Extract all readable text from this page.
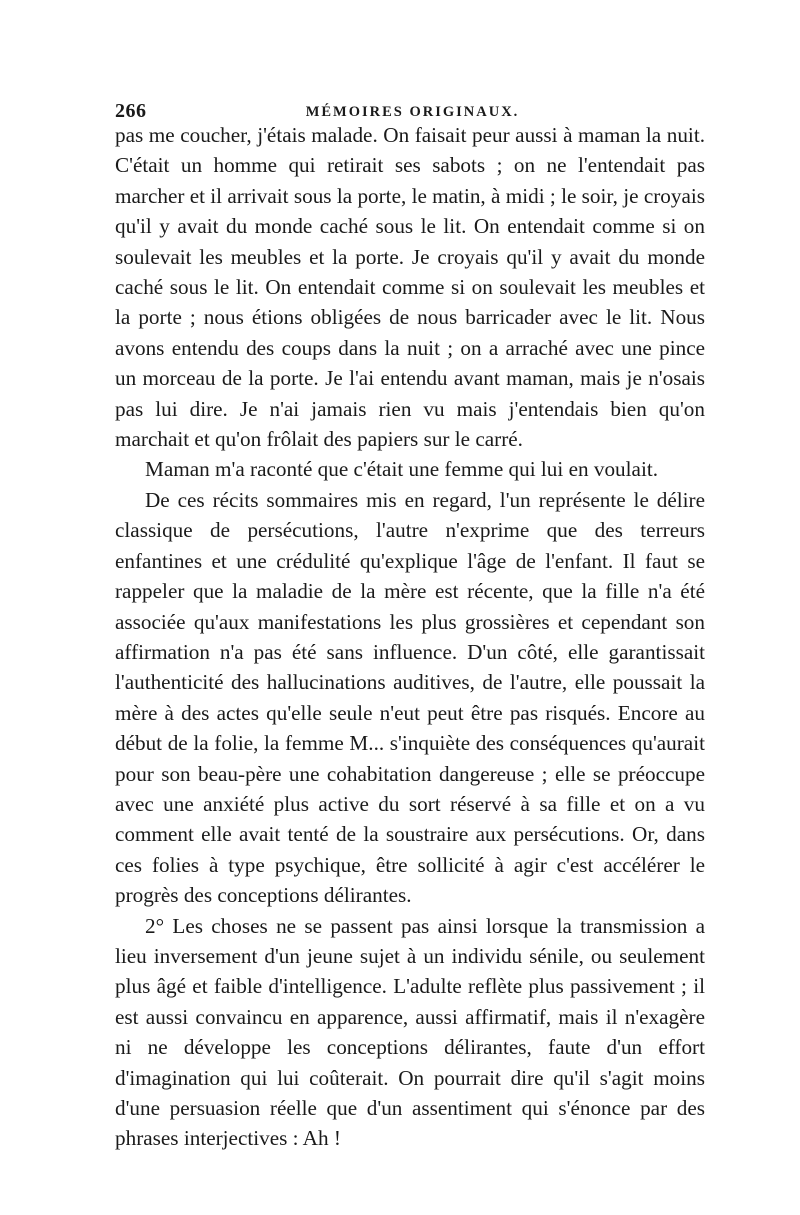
266	MÉMOIRES ORIGINAUX.

pas me coucher, j'étais malade. On faisait peur aussi à maman la nuit. C'était un homme qui retirait ses sabots ; on ne l'entendait pas marcher et il arrivait sous la porte, le matin, à midi ; le soir, je croyais qu'il y avait du monde caché sous le lit. On entendait comme si on soulevait les meubles et la porte. Je croyais qu'il y avait du monde caché sous le lit. On entendait comme si on soulevait les meubles et la porte ; nous étions obligées de nous barricader avec le lit. Nous avons entendu des coups dans la nuit ; on a arraché avec une pince un morceau de la porte. Je l'ai entendu avant maman, mais je n'osais pas lui dire. Je n'ai jamais rien vu mais j'entendais bien qu'on marchait et qu'on frôlait des papiers sur le carré.

Maman m'a raconté que c'était une femme qui lui en voulait.

De ces récits sommaires mis en regard, l'un représente le délire classique de persécutions, l'autre n'exprime que des terreurs enfantines et une crédulité qu'explique l'âge de l'enfant. Il faut se rappeler que la maladie de la mère est récente, que la fille n'a été associée qu'aux manifestations les plus grossières et cependant son affirmation n'a pas été sans influence. D'un côté, elle garantissait l'authenticité des hallucinations auditives, de l'autre, elle poussait la mère à des actes qu'elle seule n'eut peut être pas risqués. Encore au début de la folie, la femme M... s'inquiète des conséquences qu'aurait pour son beau-père une cohabitation dangereuse ; elle se préoccupe avec une anxiété plus active du sort réservé à sa fille et on a vu comment elle avait tenté de la soustraire aux persécutions. Or, dans ces folies à type psychique, être sollicité à agir c'est accélérer le progrès des conceptions délirantes.

2° Les choses ne se passent pas ainsi lorsque la transmission a lieu inversement d'un jeune sujet à un individu sénile, ou seulement plus âgé et faible d'intelligence. L'adulte reflète plus passivement ; il est aussi convaincu en apparence, aussi affirmatif, mais il n'exagère ni ne développe les conceptions délirantes, faute d'un effort d'imagination qui lui coûterait. On pourrait dire qu'il s'agit moins d'une persuasion réelle que d'un assentiment qui s'énonce par des phrases interjectives : Ah !
